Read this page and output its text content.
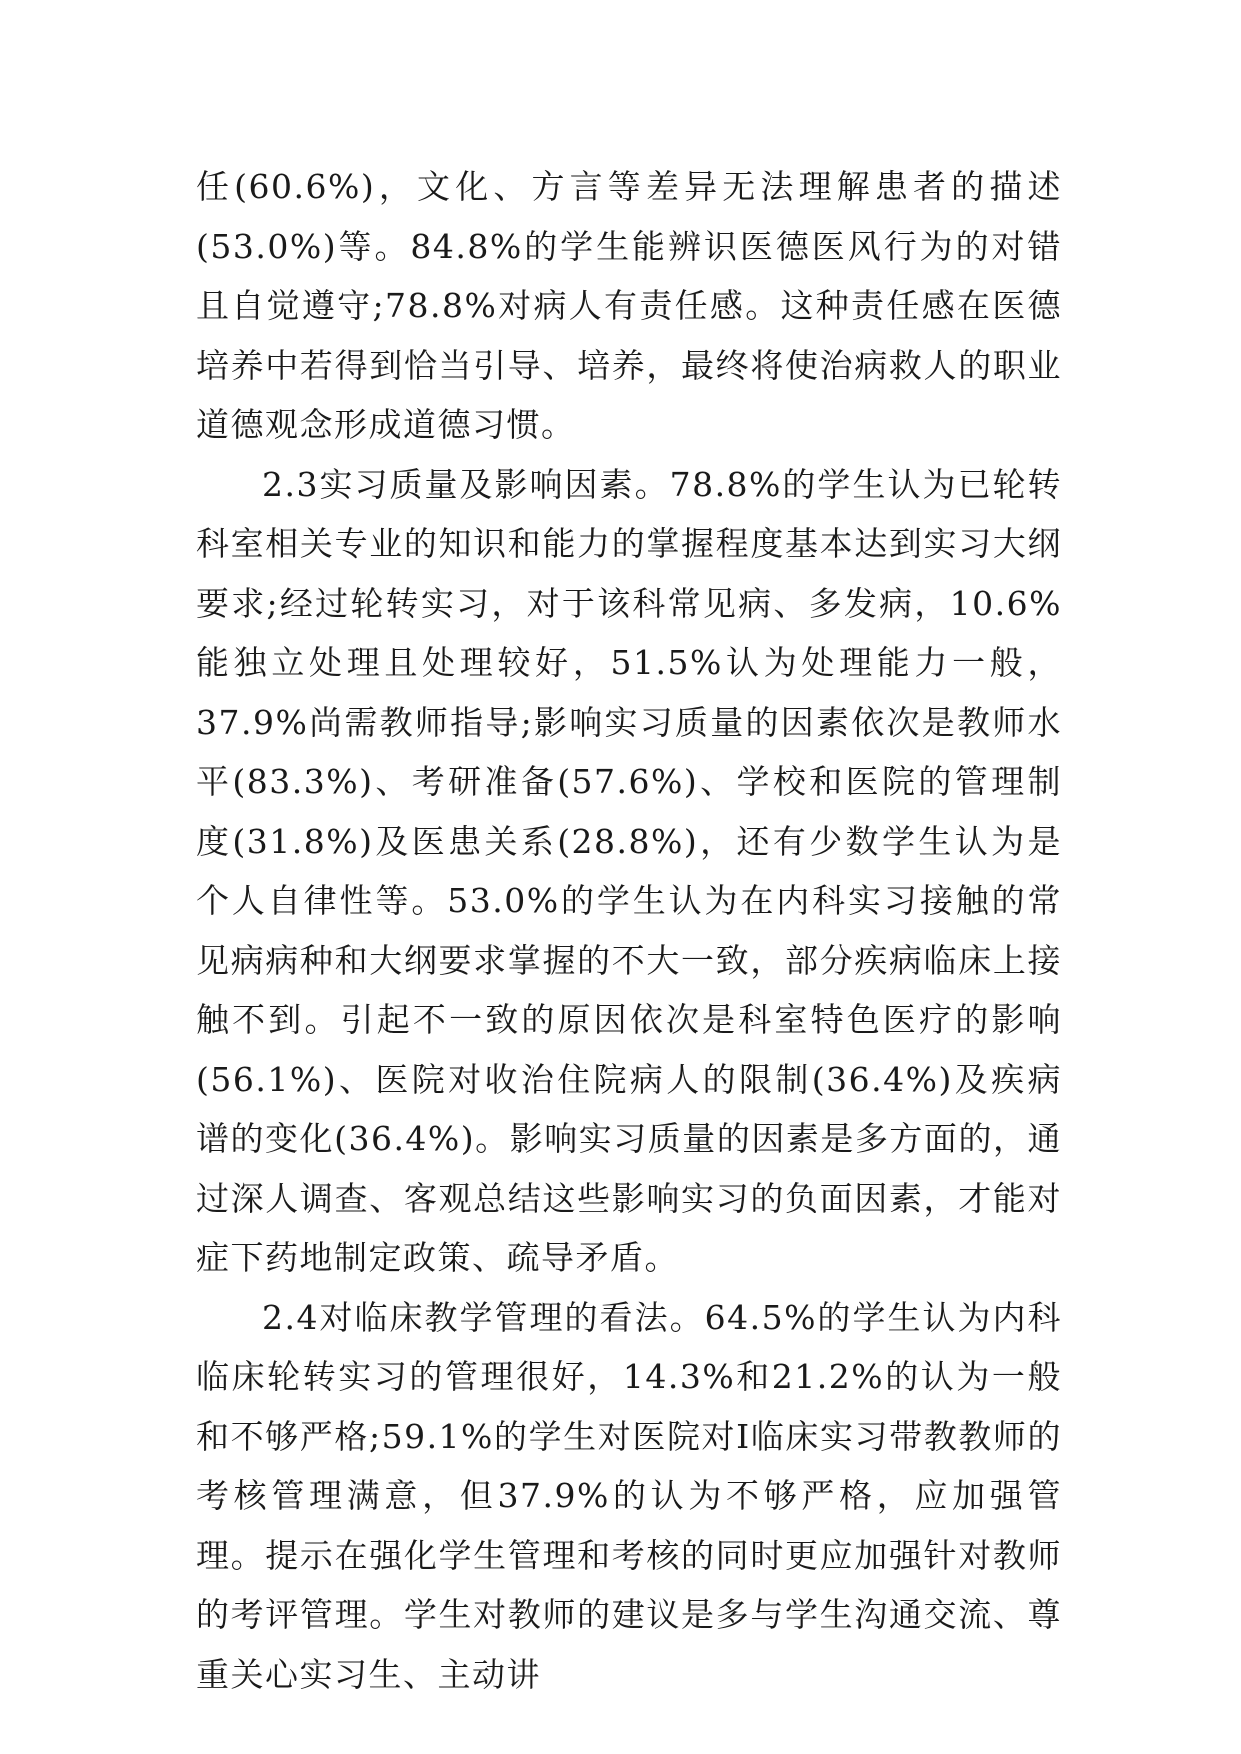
任(60.6%)，文化、方言等差异无法理解患者的描述(53.0%)等。84.8%的学生能辨识医德医风行为的对错且自觉遵守;78.8%对病人有责任感。这种责任感在医德培养中若得到恰当引导、培养，最终将使治病救人的职业道德观念形成道德习惯。

2.3实习质量及影响因素。78.8%的学生认为已轮转科室相关专业的知识和能力的掌握程度基本达到实习大纲要求;经过轮转实习，对于该科常见病、多发病，10.6%能独立处理且处理较好，51.5%认为处理能力一般，37.9%尚需教师指导;影响实习质量的因素依次是教师水平(83.3%)、考研准备(57.6%)、学校和医院的管理制度(31.8%)及医患关系(28.8%)，还有少数学生认为是个人自律性等。53.0%的学生认为在内科实习接触的常见病病种和大纲要求掌握的不大一致，部分疾病临床上接触不到。引起不一致的原因依次是科室特色医疗的影响(56.1%)、医院对收治住院病人的限制(36.4%)及疾病谱的变化(36.4%)。影响实习质量的因素是多方面的，通过深人调查、客观总结这些影响实习的负面因素，才能对症下药地制定政策、疏导矛盾。

2.4对临床教学管理的看法。64.5%的学生认为内科临床轮转实习的管理很好，14.3%和21.2%的认为一般和不够严格;59.1%的学生对医院对Ⅰ临床实习带教教师的考核管理满意，但37.9%的认为不够严格，应加强管理。提示在强化学生管理和考核的同时更应加强针对教师的考评管理。学生对教师的建议是多与学生沟通交流、尊重关心实习生、主动讲
